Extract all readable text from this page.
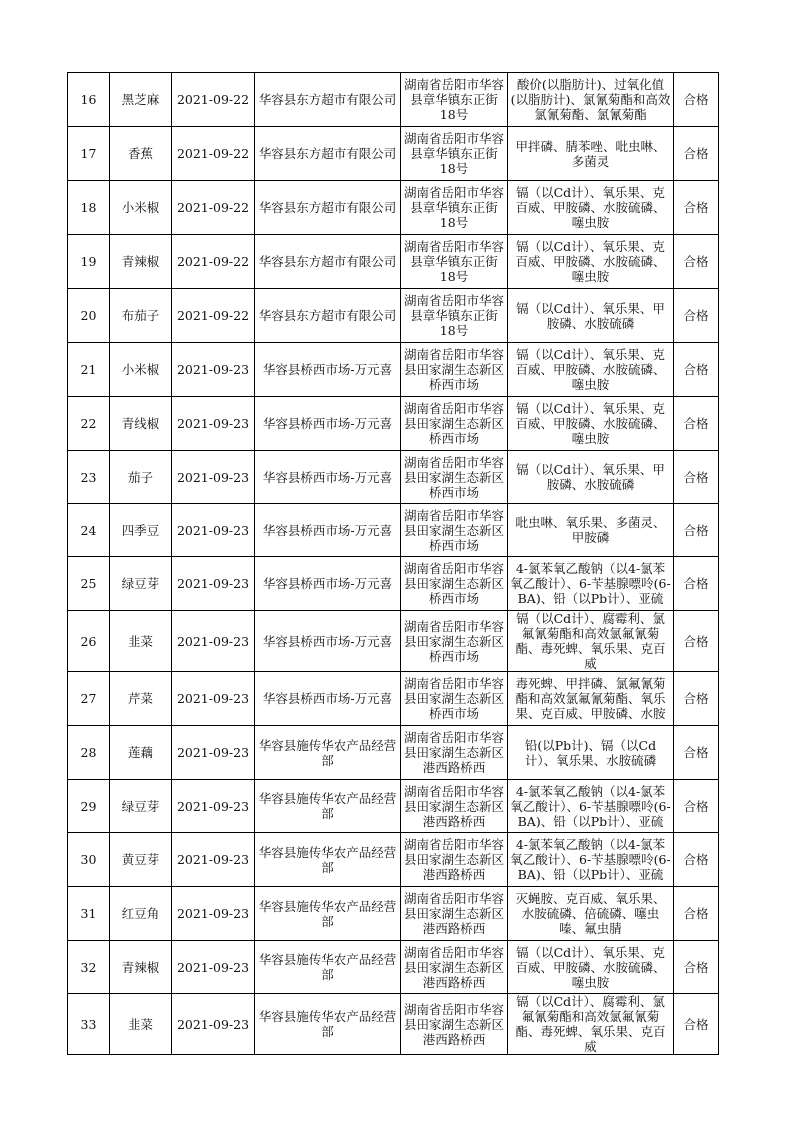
16	黑芝麻	2021-09-22	华容县东方超市有限公司	湖南省岳阳市华容县章华镇东正街18号	酸价(以脂肪计)、过氧化值(以脂肪计)、氯氰菊酯和高效氯氰菊酯、氯氰菊酯	合格
17	香蕉	2021-09-22	华容县东方超市有限公司	湖南省岳阳市华容县章华镇东正街18号	甲拌磷、腈苯唑、吡虫啉、多菌灵	合格
18	小米椒	2021-09-22	华容县东方超市有限公司	湖南省岳阳市华容县章华镇东正街18号	镉（以Cd计）、氧乐果、克百威、甲胺磷、水胺硫磷、噻虫胺	合格
19	青辣椒	2021-09-22	华容县东方超市有限公司	湖南省岳阳市华容县章华镇东正街18号	镉（以Cd计）、氧乐果、克百威、甲胺磷、水胺硫磷、噻虫胺	合格
20	布茄子	2021-09-22	华容县东方超市有限公司	湖南省岳阳市华容县章华镇东正街18号	镉（以Cd计）、氧乐果、甲胺磷、水胺硫磷	合格
21	小米椒	2021-09-23	华容县桥西市场-万元喜	湖南省岳阳市华容县田家湖生态新区桥西市场	镉（以Cd计）、氧乐果、克百威、甲胺磷、水胺硫磷、噻虫胺	合格
22	青线椒	2021-09-23	华容县桥西市场-万元喜	湖南省岳阳市华容县田家湖生态新区桥西市场	镉（以Cd计）、氧乐果、克百威、甲胺磷、水胺硫磷、噻虫胺	合格
23	茄子	2021-09-23	华容县桥西市场-万元喜	湖南省岳阳市华容县田家湖生态新区桥西市场	镉（以Cd计）、氧乐果、甲胺磷、水胺硫磷	合格
24	四季豆	2021-09-23	华容县桥西市场-万元喜	湖南省岳阳市华容县田家湖生态新区桥西市场	吡虫啉、氧乐果、多菌灵、甲胺磷	合格
25	绿豆芽	2021-09-23	华容县桥西市场-万元喜	湖南省岳阳市华容县田家湖生态新区桥西市场	4-氯苯氧乙酸钠（以4-氯苯氧乙酸计）、6-苄基腺嘌呤(6-BA)、铅（以Pb计）、亚硫	合格
26	韭菜	2021-09-23	华容县桥西市场-万元喜	湖南省岳阳市华容县田家湖生态新区桥西市场	镉（以Cd计）、腐霉利、氯氟氰菊酯和高效氯氟氰菊酯、毒死蜱、氧乐果、克百威	合格
27	芹菜	2021-09-23	华容县桥西市场-万元喜	湖南省岳阳市华容县田家湖生态新区桥西市场	毒死蜱、甲拌磷、氯氟氰菊酯和高效氯氟氰菊酯、氧乐果、克百威、甲胺磷、水胺	合格
28	莲藕	2021-09-23	华容县施传华农产品经营部	湖南省岳阳市华容县田家湖生态新区港西路桥西	铅(以Pb计)、镉（以Cd计）、氧乐果、水胺硫磷	合格
29	绿豆芽	2021-09-23	华容县施传华农产品经营部	湖南省岳阳市华容县田家湖生态新区港西路桥西	4-氯苯氧乙酸钠（以4-氯苯氧乙酸计）、6-苄基腺嘌呤(6-BA)、铅（以Pb计）、亚硫	合格
30	黄豆芽	2021-09-23	华容县施传华农产品经营部	湖南省岳阳市华容县田家湖生态新区港西路桥西	4-氯苯氧乙酸钠（以4-氯苯氧乙酸计）、6-苄基腺嘌呤(6-BA)、铅（以Pb计）、亚硫	合格
31	红豆角	2021-09-23	华容县施传华农产品经营部	湖南省岳阳市华容县田家湖生态新区港西路桥西	灭蝇胺、克百威、氧乐果、水胺硫磷、倍硫磷、噻虫嗪、氟虫腈	合格
32	青辣椒	2021-09-23	华容县施传华农产品经营部	湖南省岳阳市华容县田家湖生态新区港西路桥西	镉（以Cd计）、氧乐果、克百威、甲胺磷、水胺硫磷、噻虫胺	合格
33	韭菜	2021-09-23	华容县施传华农产品经营部	湖南省岳阳市华容县田家湖生态新区港西路桥西	镉（以Cd计）、腐霉利、氯氟氰菊酯和高效氯氟氰菊酯、毒死蜱、氧乐果、克百威	合格
